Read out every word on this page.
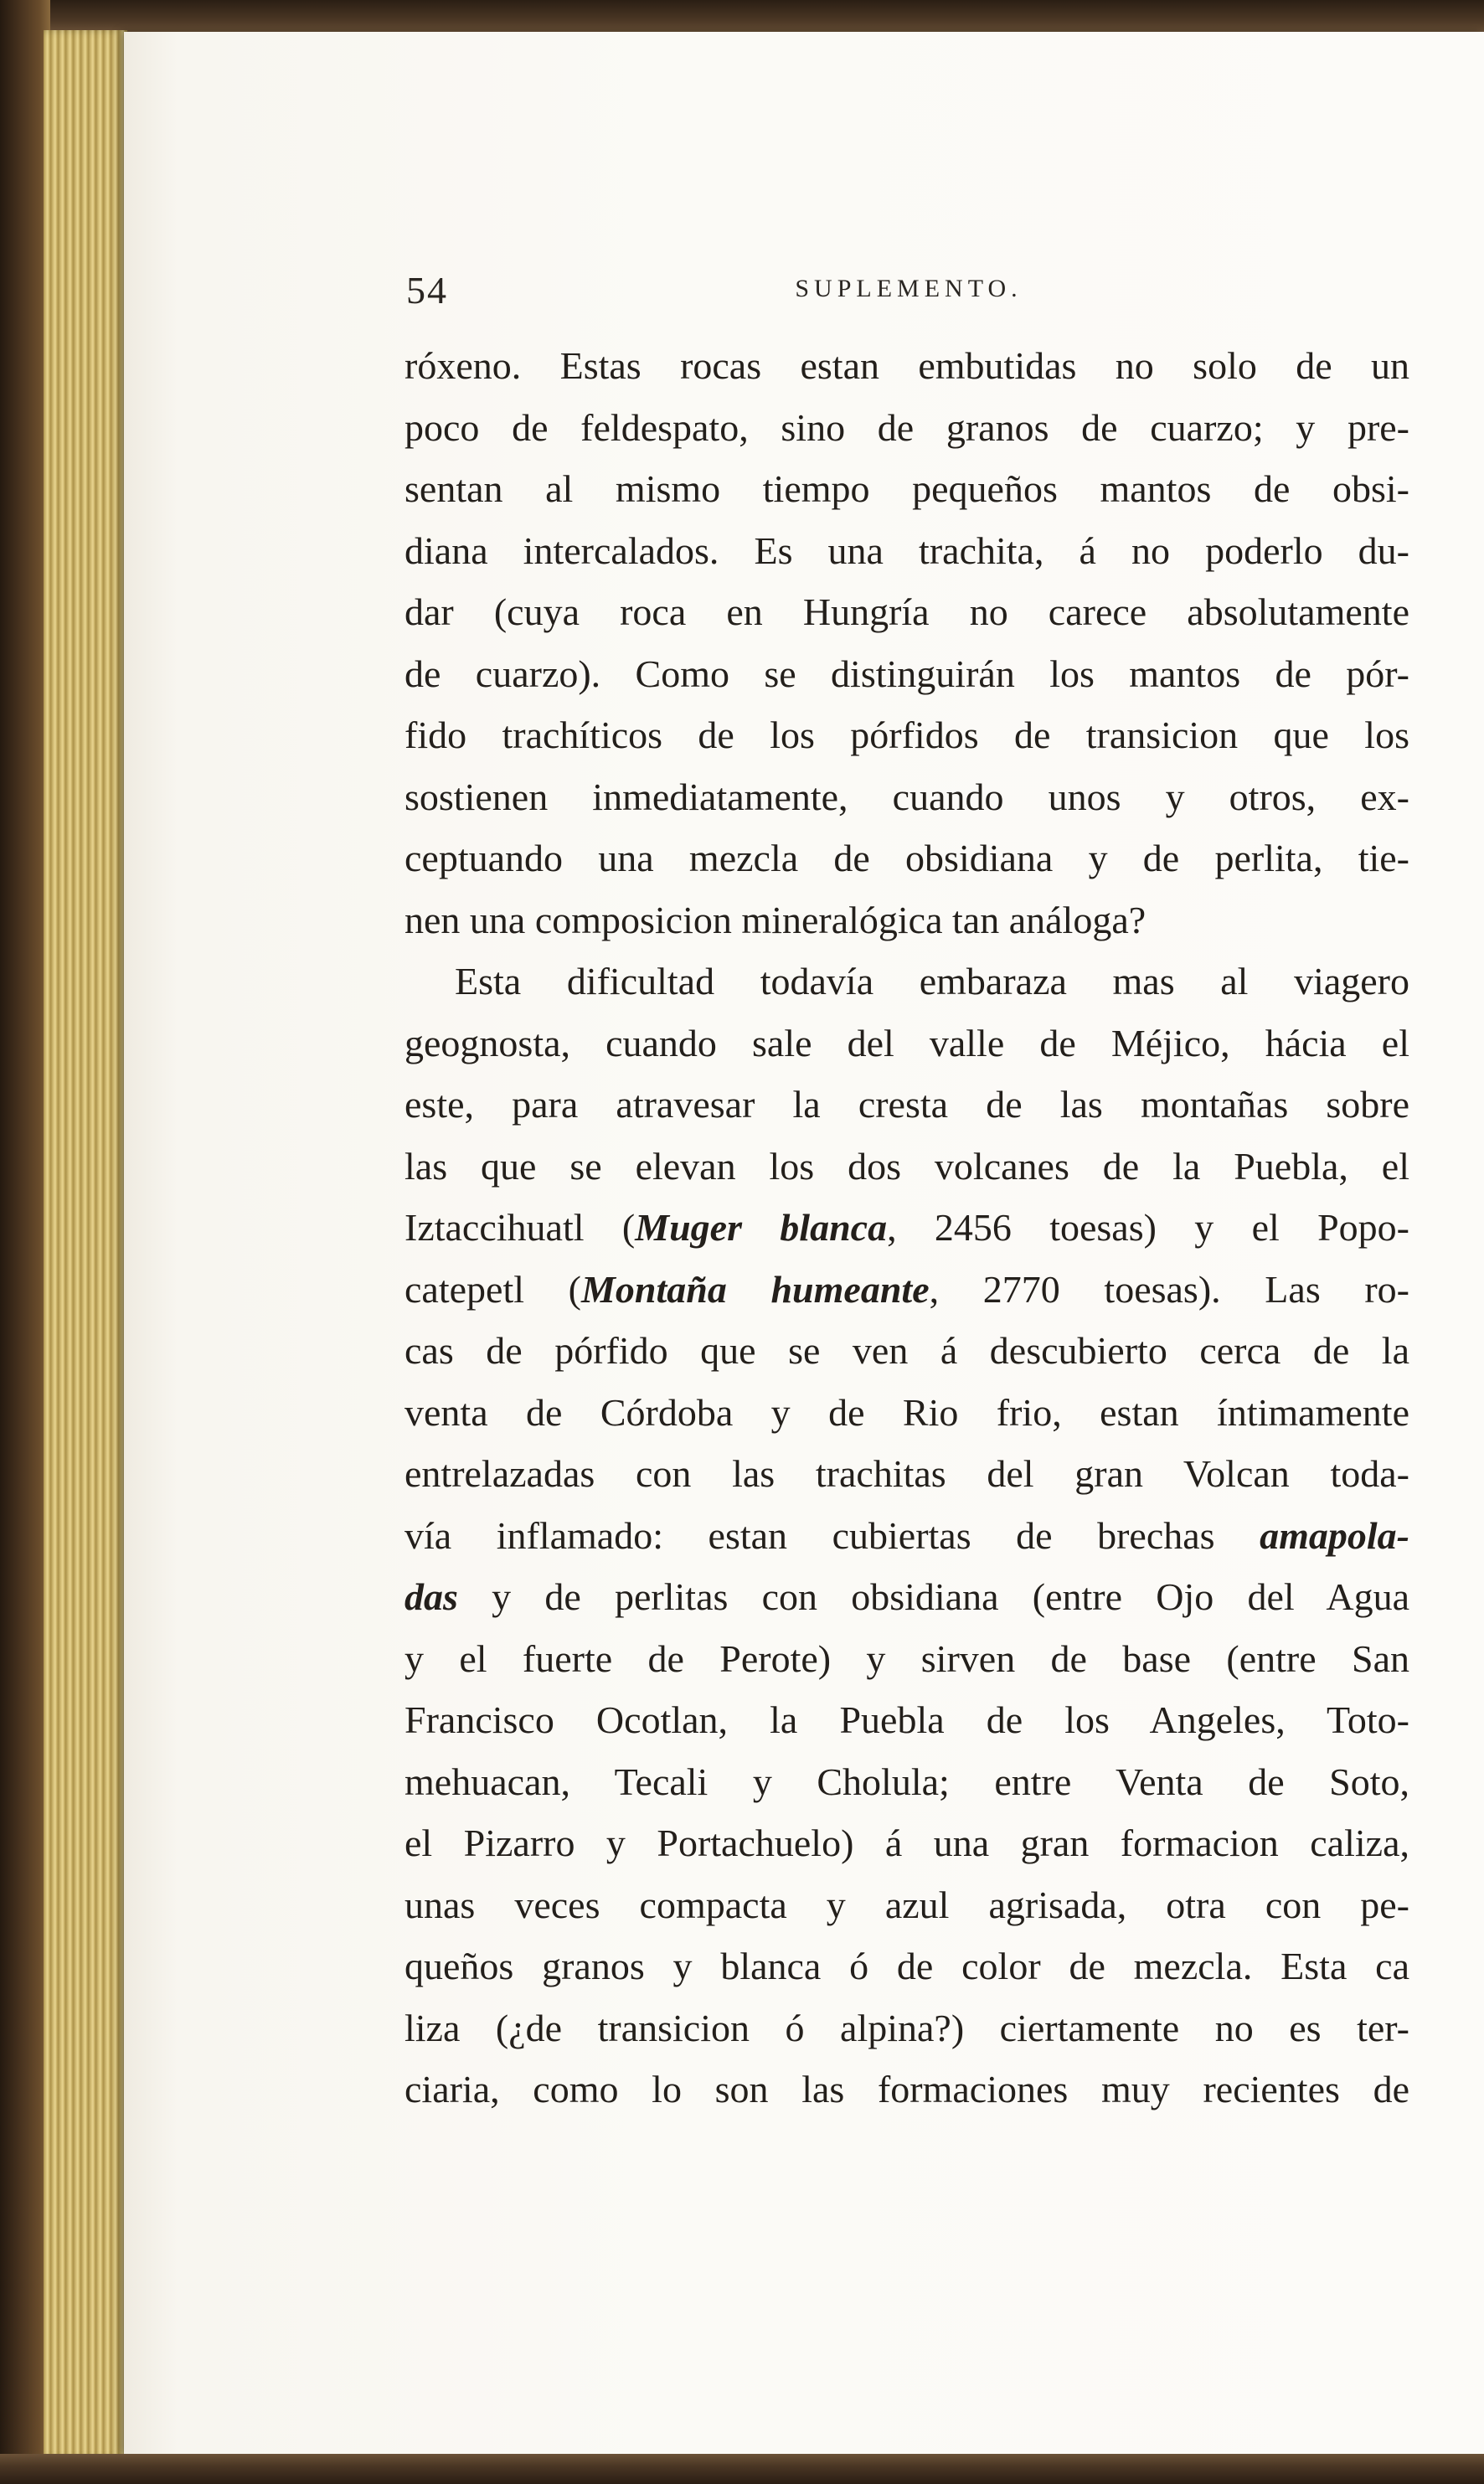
54	SUPLEMENTO.
róxeno. Estas rocas estan embutidas no solo de un
poco de feldespato, sino de granos de cuarzo; y pre-
sentan al mismo tiempo pequeños mantos de obsi-
diana intercalados. Es una trachita, á no poderlo du-
dar (cuya roca en Hungría no carece absolutamente
de cuarzo). Como se distinguirán los mantos de pór-
fido trachíticos de los pórfidos de transicion que los
sostienen inmediatamente, cuando unos y otros, ex-
ceptuando una mezcla de obsidiana y de perlita, tie-
nen una composicion mineralógica tan análoga?
Esta dificultad todavía embaraza mas al viagero
geognosta, cuando sale del valle de Méjico, hácia el
este, para atravesar la cresta de las montañas sobre
las que se elevan los dos volcanes de la Puebla, el
Iztaccihuatl (Muger blanca, 2456 toesas) y el Popo-
catepetl (Montaña humeante, 2770 toesas). Las ro-
cas de pórfido que se ven á descubierto cerca de la
venta de Córdoba y de Rio frio, estan íntimamente
entrelazadas con las trachitas del gran Volcan toda-
vía inflamado: estan cubiertas de brechas amapola-
das y de perlitas con obsidiana (entre Ojo del Agua
y el fuerte de Perote) y sirven de base (entre San
Francisco Ocotlan, la Puebla de los Angeles, Toto-
mehuacan, Tecali y Cholula; entre Venta de Soto,
el Pizarro y Portachuelo) á una gran formacion caliza,
unas veces compacta y azul agrisada, otra con pe-
queños granos y blanca ó de color de mezcla. Esta ca
liza (¿de transicion ó alpina?) ciertamente no es ter-
ciaria, como lo son las formaciones muy recientes de
